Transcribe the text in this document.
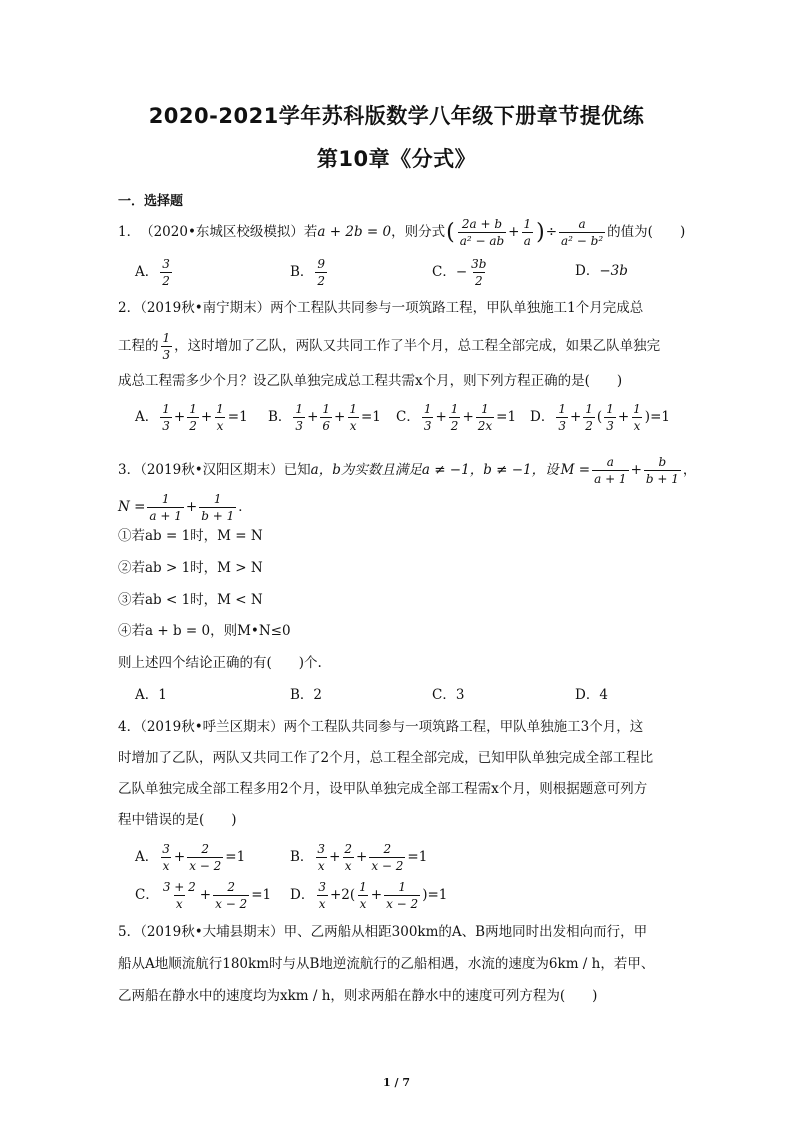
2020-2021学年苏科版数学八年级下册章节提优练
第10章《分式》
一．选择题
1． （2020•东城区校级模拟）若 a + 2b = 0 ，则分式 ( $\frac{2a + b}{\text{a² − ab}} + \frac{1}{a}$ ) ÷ $\frac{a}{\text{a² − b²}}$ 的值为(　　)
A． $\frac{3}{2}$	B． $\frac{9}{2}$	C． − $\frac{3b}{2}$	D． −3b
2．（2019秋•南宁期末）两个工程队共同参与一项筑路工程，甲队单独施工1个月完成总
工程的 $\frac{1}{3}$ ，这时增加了乙队，两队又共同工作了半个月，总工程全部完成，如果乙队单独完
成总工程需多少个月？设乙队单独完成总工程共需x个月，则下列方程正确的是(　　)
A． $\frac{1}{3} + \frac{1}{2} + \frac{1}{x} =1$ B． $\frac{1}{3} + \frac{1}{6} + \frac{1}{x} =1$ C． $\frac{1}{3} + \frac{1}{2} + \frac{1}{2x} =1$ D． $\frac{1}{3} + \frac{1}{2}$ ( $\frac{1}{3} + \frac{1}{x} )=1$
3．（2019秋•汉阳区期末）已知 a，b为实数且满足a ≠ −1，b ≠ −1，设 $M = \frac{a}{a + 1} + \frac{b}{b + 1}$ ，
$N = \frac{1}{a + 1} + \frac{1}{b + 1}$ ．
①若ab = 1时，M = N
②若ab > 1时，M > N
③若ab < 1时，M < N
④若a + b = 0，则M•N≤0
则上述四个结论正确的有(　　)个.
A．1	B．2	C．3	D．4
4．（2019秋•呼兰区期末）两个工程队共同参与一项筑路工程，甲队单独施工3个月，这
时增加了乙队，两队又共同工作了2个月，总工程全部完成，已知甲队单独完成全部工程比
乙队单独完成全部工程多用2个月，设甲队单独完成全部工程需x个月，则根据题意可列方
程中错误的是(　　)
A． $\frac{3}{x} + \frac{2}{x - 2} =1$	B． $\frac{3}{x} + \frac{2}{x} + \frac{2}{x - 2} =1$
C． $\frac{3 + 2}{x} + \frac{2}{x - 2} =1$ D． $\frac{3}{x} +2( \frac{1}{x} + \frac{1}{x - 2} )=1$
5．（2019秋•大埔县期末）甲、乙两船从相距300km的A、B两地同时出发相向而行，甲
船从A地顺流航行180km时与从B地逆流航行的乙船相遇，水流的速度为6km / h，若甲、
乙两船在静水中的速度均为xkm / h，则求两船在静水中的速度可列方程为(　　)
1 / 7
